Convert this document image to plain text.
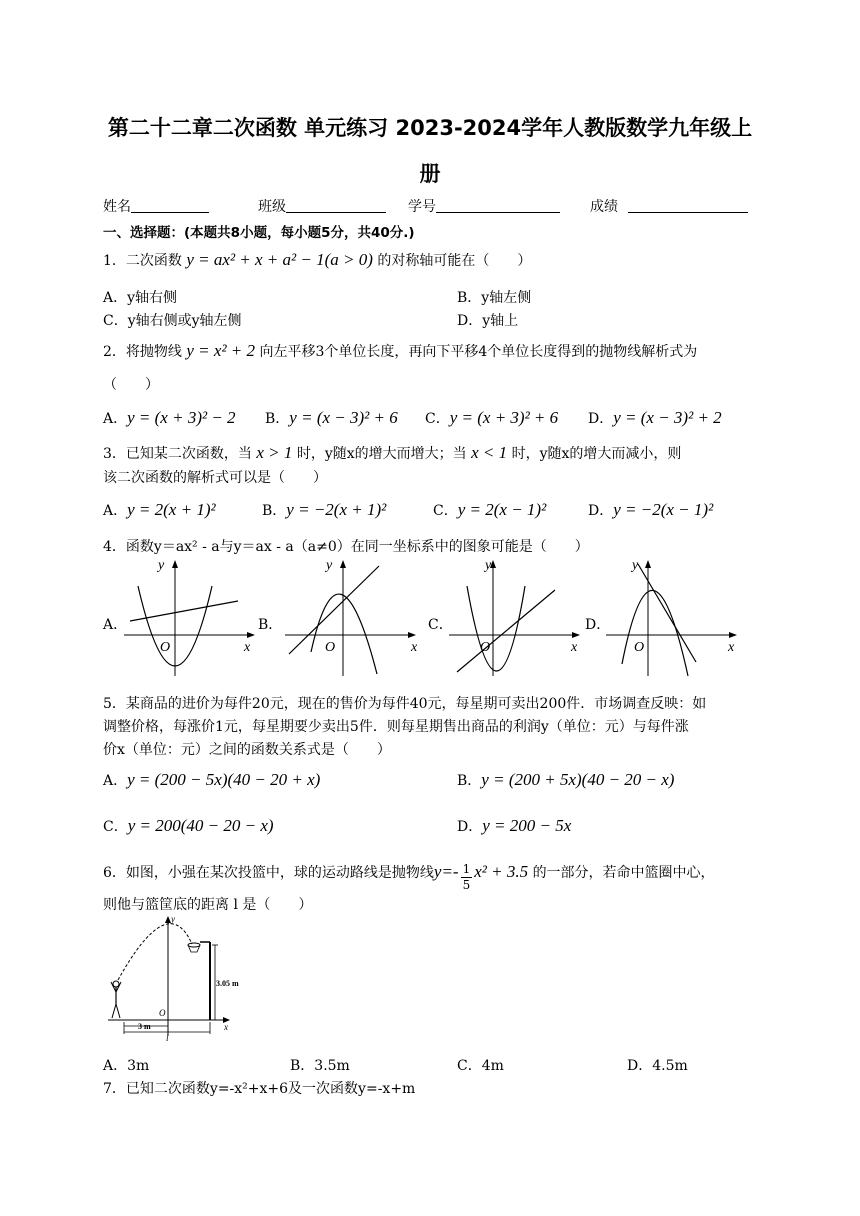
第二十二章二次函数 单元练习 2023-2024学年人教版数学九年级上
册
姓名	班级	学号	成绩
一、选择题：(本题共8小题，每小题5分，共40分.)
1．二次函数 y = ax² + x + a² − 1(a > 0) 的对称轴可能在（　　）
A．y轴右侧	B．y轴左侧
C．y轴右侧或y轴左侧	D．y轴上
2．将抛物线 y = x² + 2 向左平移3个单位长度，再向下平移4个单位长度得到的抛物线解析式为
（　　）
A．y = (x + 3)² − 2 B．y = (x − 3)² + 6 C．y = (x + 3)² + 6 D．y = (x − 3)² + 2
3．已知某二次函数，当 x > 1 时，y随x的增大而增大；当 x < 1 时，y随x的增大而减小，则
该二次函数的解析式可以是（　　）
A．y = 2(x + 1)²	B．y = −2(x + 1)²	C．y = 2(x − 1)²	D．y = −2(x − 1)²
4．函数y＝ax² - a与y＝ax - a（a≠0）在同一坐标系中的图象可能是（　　）
A．	B．	C．	D．
y
x
O
y
x
O
y
x
O
y
x
O
5．某商品的进价为每件20元，现在的售价为每件40元，每星期可卖出200件．市场调查反映：如
调整价格，每涨价1元，每星期要少卖出5件．则每星期售出商品的利润y（单位：元）与每件涨
价x（单位：元）之间的函数关系式是（　　）
A．y = (200 − 5x)(40 − 20 + x)	B．y = (200 + 5x)(40 − 20 − x)
C．y = 200(40 − 20 − x)	D．y = 200 − 5x
6．如图，小强在某次投篮中，球的运动路线是抛物线$y=- \frac{1}{5} x^2 + 3.5$ 的一部分，若命中篮圈中心，
则他与篮筐底的距离 l 是（　　）
3.05 m
3 m
l
y
x
O
A．3m	B．3.5m	C．4m	D．4.5m
7．已知二次函数y=-x²+x+6及一次函数y=-x+m
